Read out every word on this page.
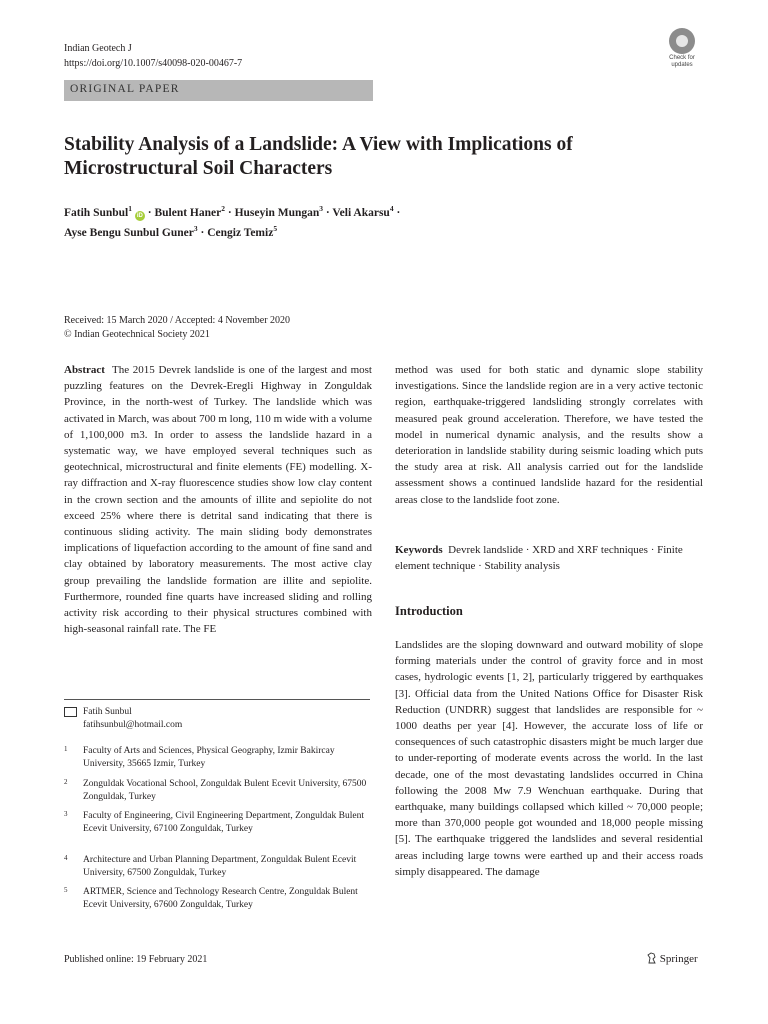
Indian Geotech J
https://doi.org/10.1007/s40098-020-00467-7	Check for
updates
ORIGINAL PAPER
Stability Analysis of a Landslide: A View with Implications of Microstructural Soil Characters
Fatih Sunbul$^1$ iD · Bulent Haner$^2$ · Huseyin Mungan$^3$ · Veli Akarsu$^4$ ·
Ayse Bengu Sunbul Guner$^3$ · Cengiz Temiz$^5$
Received: 15 March 2020 / Accepted: 4 November 2020
© Indian Geotechnical Society 2021

Abstract The 2015 Devrek landslide is one of the largest and most puzzling features on the Devrek-Eregli Highway in Zonguldak Province, in the north-west of Turkey. The landslide which was activated in March, was about 700 m long, 110 m wide with a volume of 1,100,000 m3. In order to assess the landslide hazard in a systematic way, we have employed several techniques such as geotechnical, microstructural and finite elements (FE) modelling. X-ray diffraction and X-ray fluorescence studies show low clay content in the crown section and the amounts of illite and sepiolite do not exceed 25% where there is detrital sand indicating that there is continuous sliding activity. The main sliding body demonstrates implications of liquefaction according to the amount of fine sand and clay obtained by laboratory measurements. The most active clay group prevailing the landslide formation are illite and sepiolite. Furthermore, rounded fine quarts have increased sliding and rolling activity risk according to their physical structures combined with high-seasonal rainfall rate. The FE

method was used for both static and dynamic slope stability investigations. Since the landslide region are in a very active tectonic region, earthquake-triggered landsliding strongly correlates with measured peak ground acceleration. Therefore, we have tested the model in numerical dynamic analysis, and the results show a deterioration in landslide stability during seismic loading which puts the study area at risk. All analysis carried out for the landslide assessment shows a continued landslide hazard for the residential areas close to the landslide foot zone.

Keywords Devrek landslide · XRD and XRF techniques · Finite element technique · Stability analysis

Introduction

Landslides are the sloping downward and outward mobility of slope forming materials under the control of gravity force and in most cases, hydrologic events [1, 2], particularly triggered by earthquakes [3]. Official data from the United Nations Office for Disaster Risk Reduction (UNDRR) suggest that landslides are responsible for ~ 1000 deaths per year [4]. However, the accurate loss of life or consequences of such catastrophic disasters might be much larger due to under-reporting of moderate events across the world. In the last decade, one of the most devastating landslides occurred in China following the 2008 Mw 7.9 Wenchuan earthquake. During that earthquake, many buildings collapsed which killed ~ 70,000 people; more than 370,000 people got wounded and 18,000 people missing [5]. The earthquake triggered the landslides and several residential areas including large towns were earthed up and their access roads simply disappeared. The damage

Fatih Sunbul
fatihsunbul@hotmail.com
1 Faculty of Arts and Sciences, Physical Geography, Izmir Bakircay University, 35665 Izmir, Turkey
2 Zonguldak Vocational School, Zonguldak Bulent Ecevit University, 67500 Zonguldak, Turkey
3 Faculty of Engineering, Civil Engineering Department, Zonguldak Bulent Ecevit University, 67100 Zonguldak, Turkey
4 Architecture and Urban Planning Department, Zonguldak Bulent Ecevit University, 67500 Zonguldak, Turkey
5 ARTMER, Science and Technology Research Centre, Zonguldak Bulent Ecevit University, 67600 Zonguldak, Turkey
Published online: 19 February 2021	Springer
